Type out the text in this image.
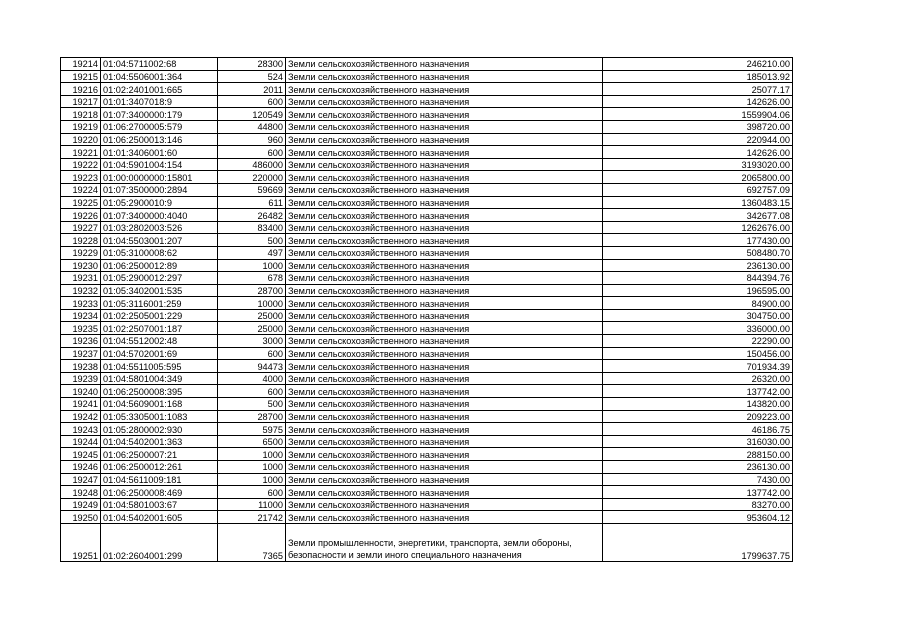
19214	01:04:5711002:68	28300	Земли сельскохозяйственного назначения	246210.00
19215	01:04:5506001:364	524	Земли сельскохозяйственного назначения	185013.92
19216	01:02:2401001:665	2011	Земли сельскохозяйственного назначения	25077.17
19217	01:01:3407018:9	600	Земли сельскохозяйственного назначения	142626.00
19218	01:07:3400000:179	120549	Земли сельскохозяйственного назначения	1559904.06
19219	01:06:2700005:579	44800	Земли сельскохозяйственного назначения	398720.00
19220	01:06:2500013:146	960	Земли сельскохозяйственного назначения	220944.00
19221	01:01:3406001:60	600	Земли сельскохозяйственного назначения	142626.00
19222	01:04:5901004:154	486000	Земли сельскохозяйственного назначения	3193020.00
19223	01:00:0000000:15801	220000	Земли сельскохозяйственного назначения	2065800.00
19224	01:07:3500000:2894	59669	Земли сельскохозяйственного назначения	692757.09
19225	01:05:2900010:9	611	Земли сельскохозяйственного назначения	1360483.15
19226	01:07:3400000:4040	26482	Земли сельскохозяйственного назначения	342677.08
19227	01:03:2802003:526	83400	Земли сельскохозяйственного назначения	1262676.00
19228	01:04:5503001:207	500	Земли сельскохозяйственного назначения	177430.00
19229	01:05:3100008:62	497	Земли сельскохозяйственного назначения	508480.70
19230	01:06:2500012:89	1000	Земли сельскохозяйственного назначения	236130.00
19231	01:05:2900012:297	678	Земли сельскохозяйственного назначения	844394.76
19232	01:05:3402001:535	28700	Земли сельскохозяйственного назначения	196595.00
19233	01:05:3116001:259	10000	Земли сельскохозяйственного назначения	84900.00
19234	01:02:2505001:229	25000	Земли сельскохозяйственного назначения	304750.00
19235	01:02:2507001:187	25000	Земли сельскохозяйственного назначения	336000.00
19236	01:04:5512002:48	3000	Земли сельскохозяйственного назначения	22290.00
19237	01:04:5702001:69	600	Земли сельскохозяйственного назначения	150456.00
19238	01:04:5511005:595	94473	Земли сельскохозяйственного назначения	701934.39
19239	01:04:5801004:349	4000	Земли сельскохозяйственного назначения	26320.00
19240	01:06:2500008:395	600	Земли сельскохозяйственного назначения	137742.00
19241	01:04:5609001:168	500	Земли сельскохозяйственного назначения	143820.00
19242	01:05:3305001:1083	28700	Земли сельскохозяйственного назначения	209223.00
19243	01:05:2800002:930	5975	Земли сельскохозяйственного назначения	46186.75
19244	01:04:5402001:363	6500	Земли сельскохозяйственного назначения	316030.00
19245	01:06:2500007:21	1000	Земли сельскохозяйственного назначения	288150.00
19246	01:06:2500012:261	1000	Земли сельскохозяйственного назначения	236130.00
19247	01:04:5611009:181	1000	Земли сельскохозяйственного назначения	7430.00
19248	01:06:2500008:469	600	Земли сельскохозяйственного назначения	137742.00
19249	01:04:5801003:67	11000	Земли сельскохозяйственного назначения	83270.00
19250	01:04:5402001:605	21742	Земли сельскохозяйственного назначения	953604.12
19251	01:02:2604001:299	7365	Земли промышленности, энергетики, транспорта, земли обороны, безопасности и земли иного специального назначения	1799637.75
